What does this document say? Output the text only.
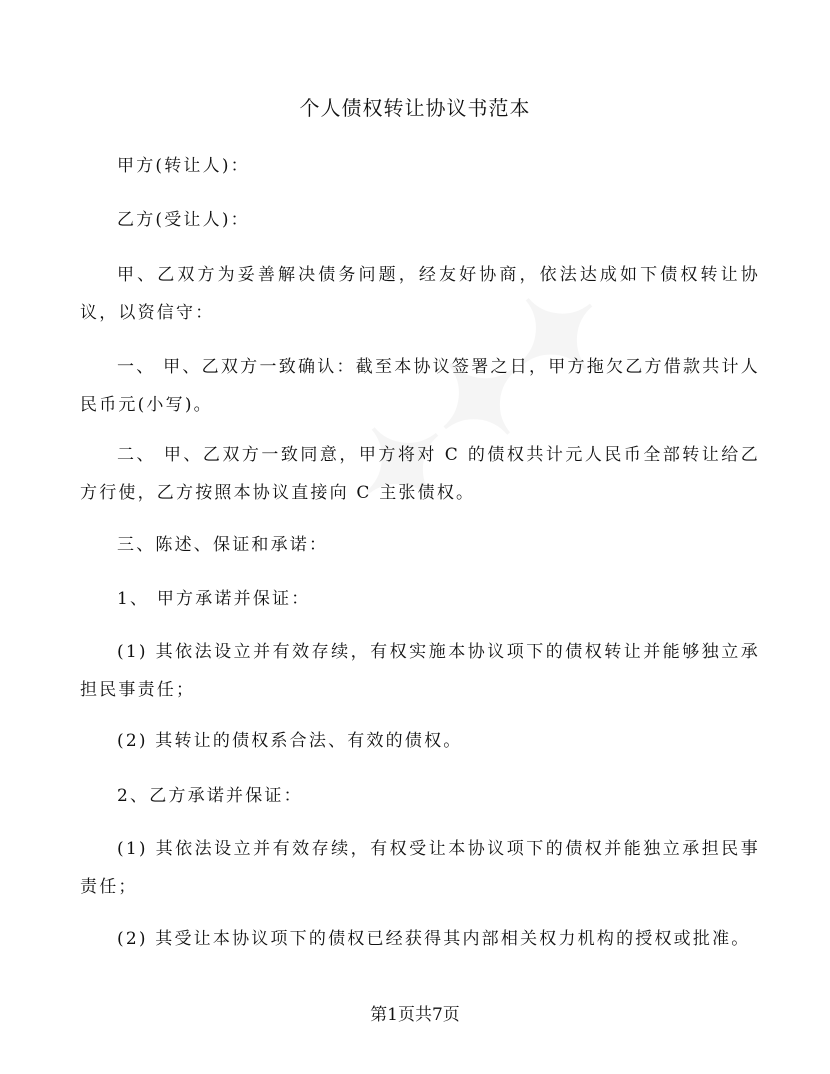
个人债权转让协议书范本

甲方(转让人)：

乙方(受让人)：

甲、乙双方为妥善解决债务问题，经友好协商，依法达成如下债权转让协议，以资信守：

一、 甲、乙双方一致确认：截至本协议签署之日，甲方拖欠乙方借款共计人民币元(小写)。

二、 甲、乙双方一致同意，甲方将对 C 的债权共计元人民币全部转让给乙方行使，乙方按照本协议直接向 C 主张债权。

三、陈述、保证和承诺：

1、 甲方承诺并保证：

(1) 其依法设立并有效存续，有权实施本协议项下的债权转让并能够独立承担民事责任；

(2) 其转让的债权系合法、有效的债权。

2、乙方承诺并保证：

(1) 其依法设立并有效存续，有权受让本协议项下的债权并能独立承担民事责任；

(2) 其受让本协议项下的债权已经获得其内部相关权力机构的授权或批准。

第1页共7页
